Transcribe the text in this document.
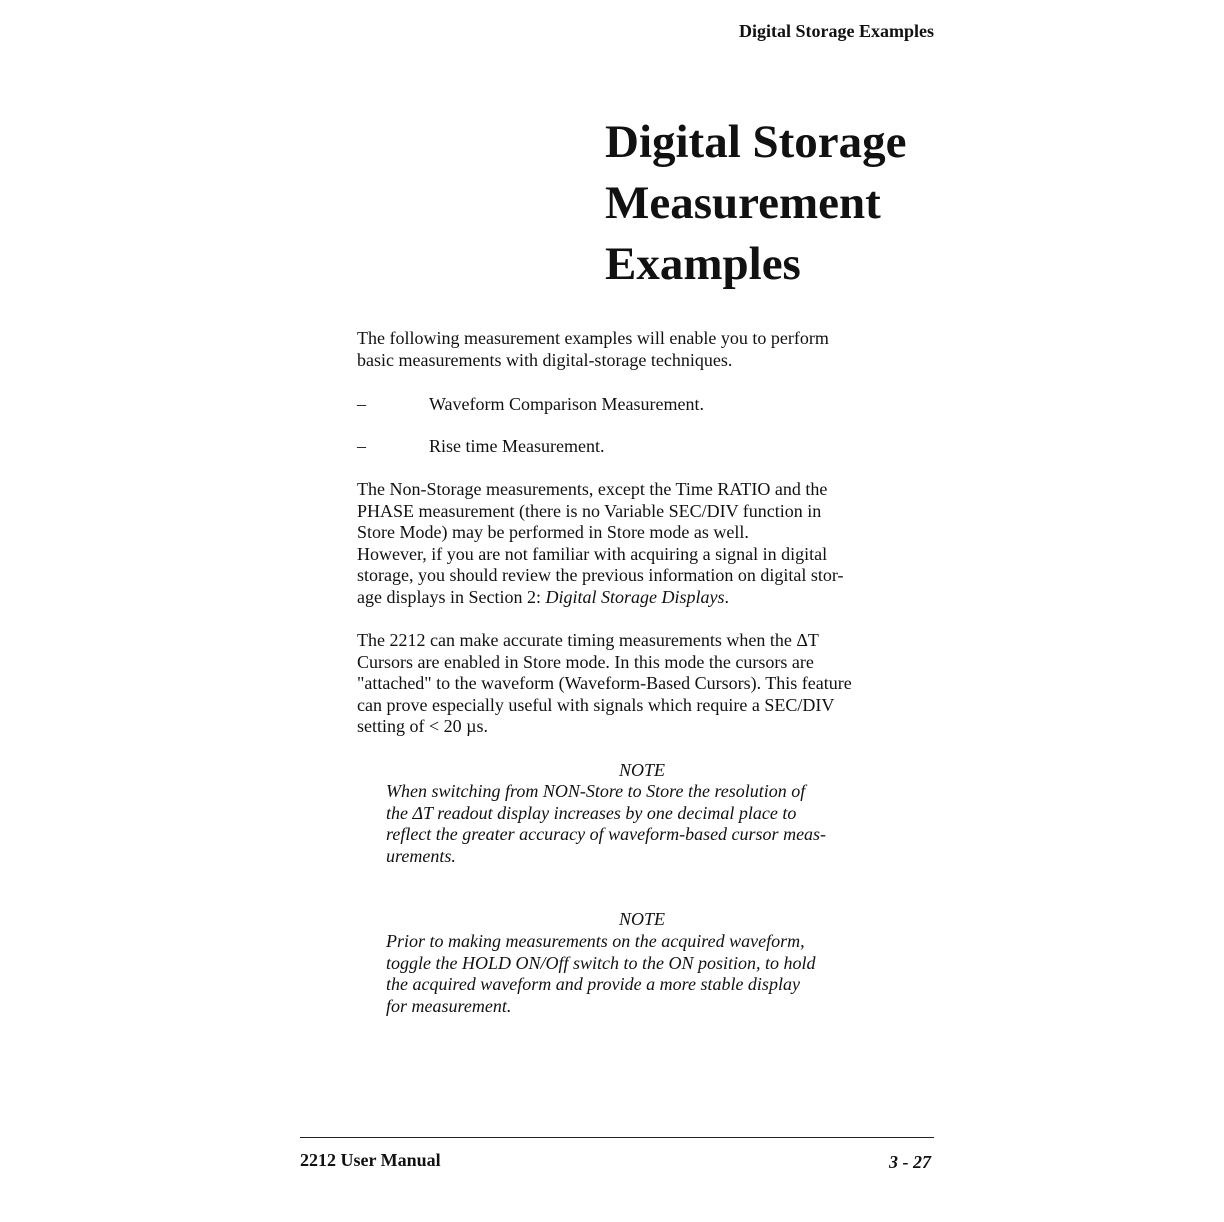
Digital Storage Examples
Digital Storage
Measurement
Examples

The following measurement examples will enable you to perform
basic measurements with digital-storage techniques.

–	Waveform Comparison Measurement.
–	Rise time Measurement.

The Non-Storage measurements, except the Time RATIO and the
PHASE measurement (there is no Variable SEC/DIV function in
Store Mode) may be performed in Store mode as well.
However, if you are not familiar with acquiring a signal in digital
storage, you should review the previous information on digital stor-
age displays in Section 2: Digital Storage Displays.

The 2212 can make accurate timing measurements when the ΔT
Cursors are enabled in Store mode. In this mode the cursors are
"attached" to the waveform (Waveform-Based Cursors). This feature
can prove especially useful with signals which require a SEC/DIV
setting of < 20 µs.

NOTE
When switching from NON-Store to Store the resolution of
the ΔT readout display increases by one decimal place to
reflect the greater accuracy of waveform-based cursor meas-
urements.
NOTE
Prior to making measurements on the acquired waveform,
toggle the HOLD ON/Off switch to the ON position, to hold
the acquired waveform and provide a more stable display
for measurement.
2212 User Manual	3 - 27
